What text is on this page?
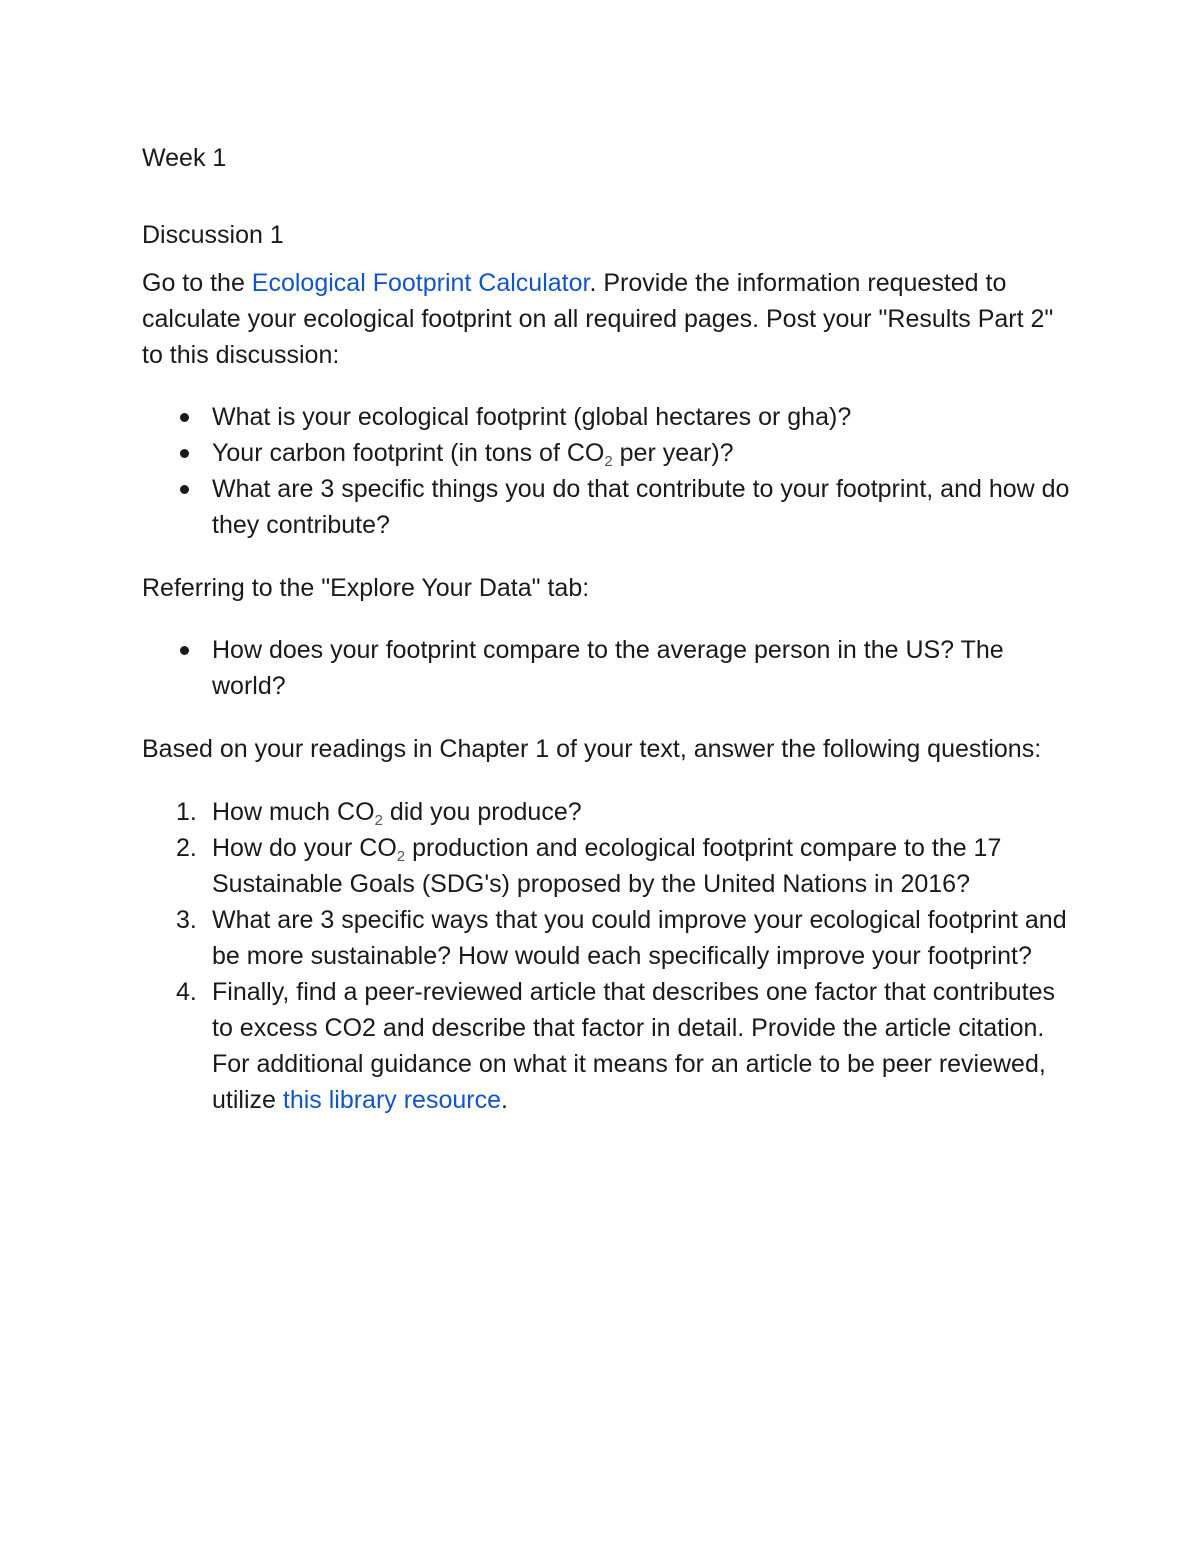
Week 1
Discussion 1

Go to the Ecological Footprint Calculator. Provide the information requested to calculate your ecological footprint on all required pages. Post your "Results Part 2" to this discussion:

What is your ecological footprint (global hectares or gha)?
Your carbon footprint (in tons of $CO_2$ per year)?
What are 3 specific things you do that contribute to your footprint, and how do they contribute?

Referring to the "Explore Your Data" tab:

How does your footprint compare to the average person in the US? The world?

Based on your readings in Chapter 1 of your text, answer the following questions:

1. How much $CO_2$ did you produce?
2. How do your $CO_2$ production and ecological footprint compare to the 17 Sustainable Goals (SDG's) proposed by the United Nations in 2016?
3. What are 3 specific ways that you could improve your ecological footprint and be more sustainable? How would each specifically improve your footprint?
4. Finally, find a peer-reviewed article that describes one factor that contributes to excess CO2 and describe that factor in detail. Provide the article citation. For additional guidance on what it means for an article to be peer reviewed, utilize this library resource.
